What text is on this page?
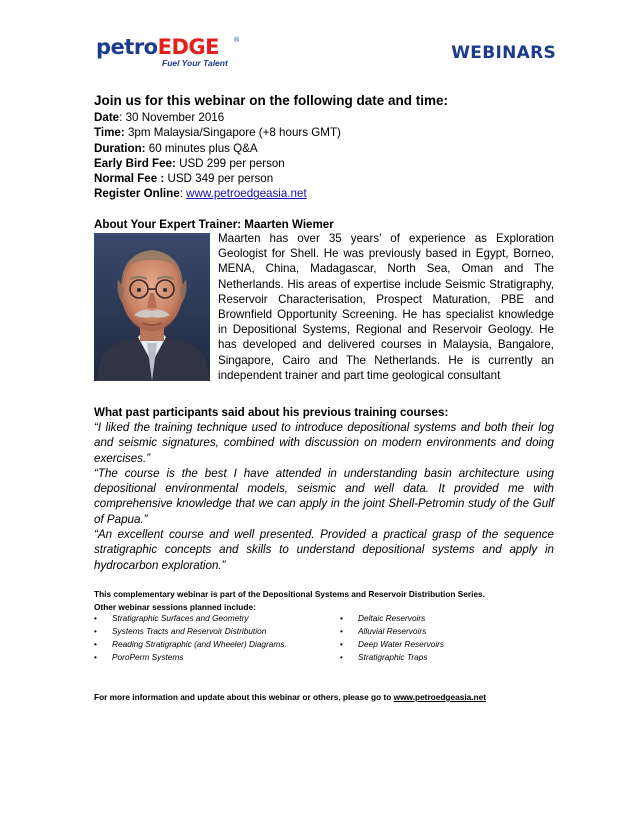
petroEDGE ®
Fuel Your Talent	WEBINARS
Join us for this webinar on the following date and time:
Date: 30 November 2016
Time: 3pm Malaysia/Singapore (+8 hours GMT)
Duration: 60 minutes plus Q&A
Early Bird Fee: USD 299 per person
Normal Fee : USD 349 per person
Register Online: www.petroedgeasia.net
About Your Expert Trainer: Maarten Wiemer
Maarten has over 35 years’ of experience as Exploration Geologist for Shell. He was previously based in Egypt, Borneo, MENA, China, Madagascar, North Sea, Oman and The Netherlands. His areas of expertise include Seismic Stratigraphy, Reservoir Characterisation, Prospect Maturation, PBE and Brownfield Opportunity Screening. He has specialist knowledge in Depositional Systems, Regional and Reservoir Geology. He has developed and delivered courses in Malaysia, Bangalore, Singapore, Cairo and The Netherlands. He is currently an independent trainer and part time geological consultant
What past participants said about his previous training courses:

“I liked the training technique used to introduce depositional systems and both their log and seismic signatures, combined with discussion on modern environments and doing exercises.”

“The course is the best I have attended in understanding basin architecture using depositional environmental models, seismic and well data. It provided me with comprehensive knowledge that we can apply in the joint Shell-Petromin study of the Gulf of Papua.”

“An excellent course and well presented. Provided a practical grasp of the sequence stratigraphic concepts and skills to understand depositional systems and apply in hydrocarbon exploration.”

This complementary webinar is part of the Depositional Systems and Reservoir Distribution Series.
Other webinar sessions planned include:
• Stratigraphic Surfaces and Geometry
• Systems Tracts and Reservoir Distribution
• Reading Stratigraphic (and Wheeler) Diagrams.
• PoroPerm Systems
• Deltaic Reservoirs
• Alluvial Reservoirs
• Deep Water Reservoirs
• Stratigraphic Traps
For more information and update about this webinar or others, please go to www.petroedgeasia.net
